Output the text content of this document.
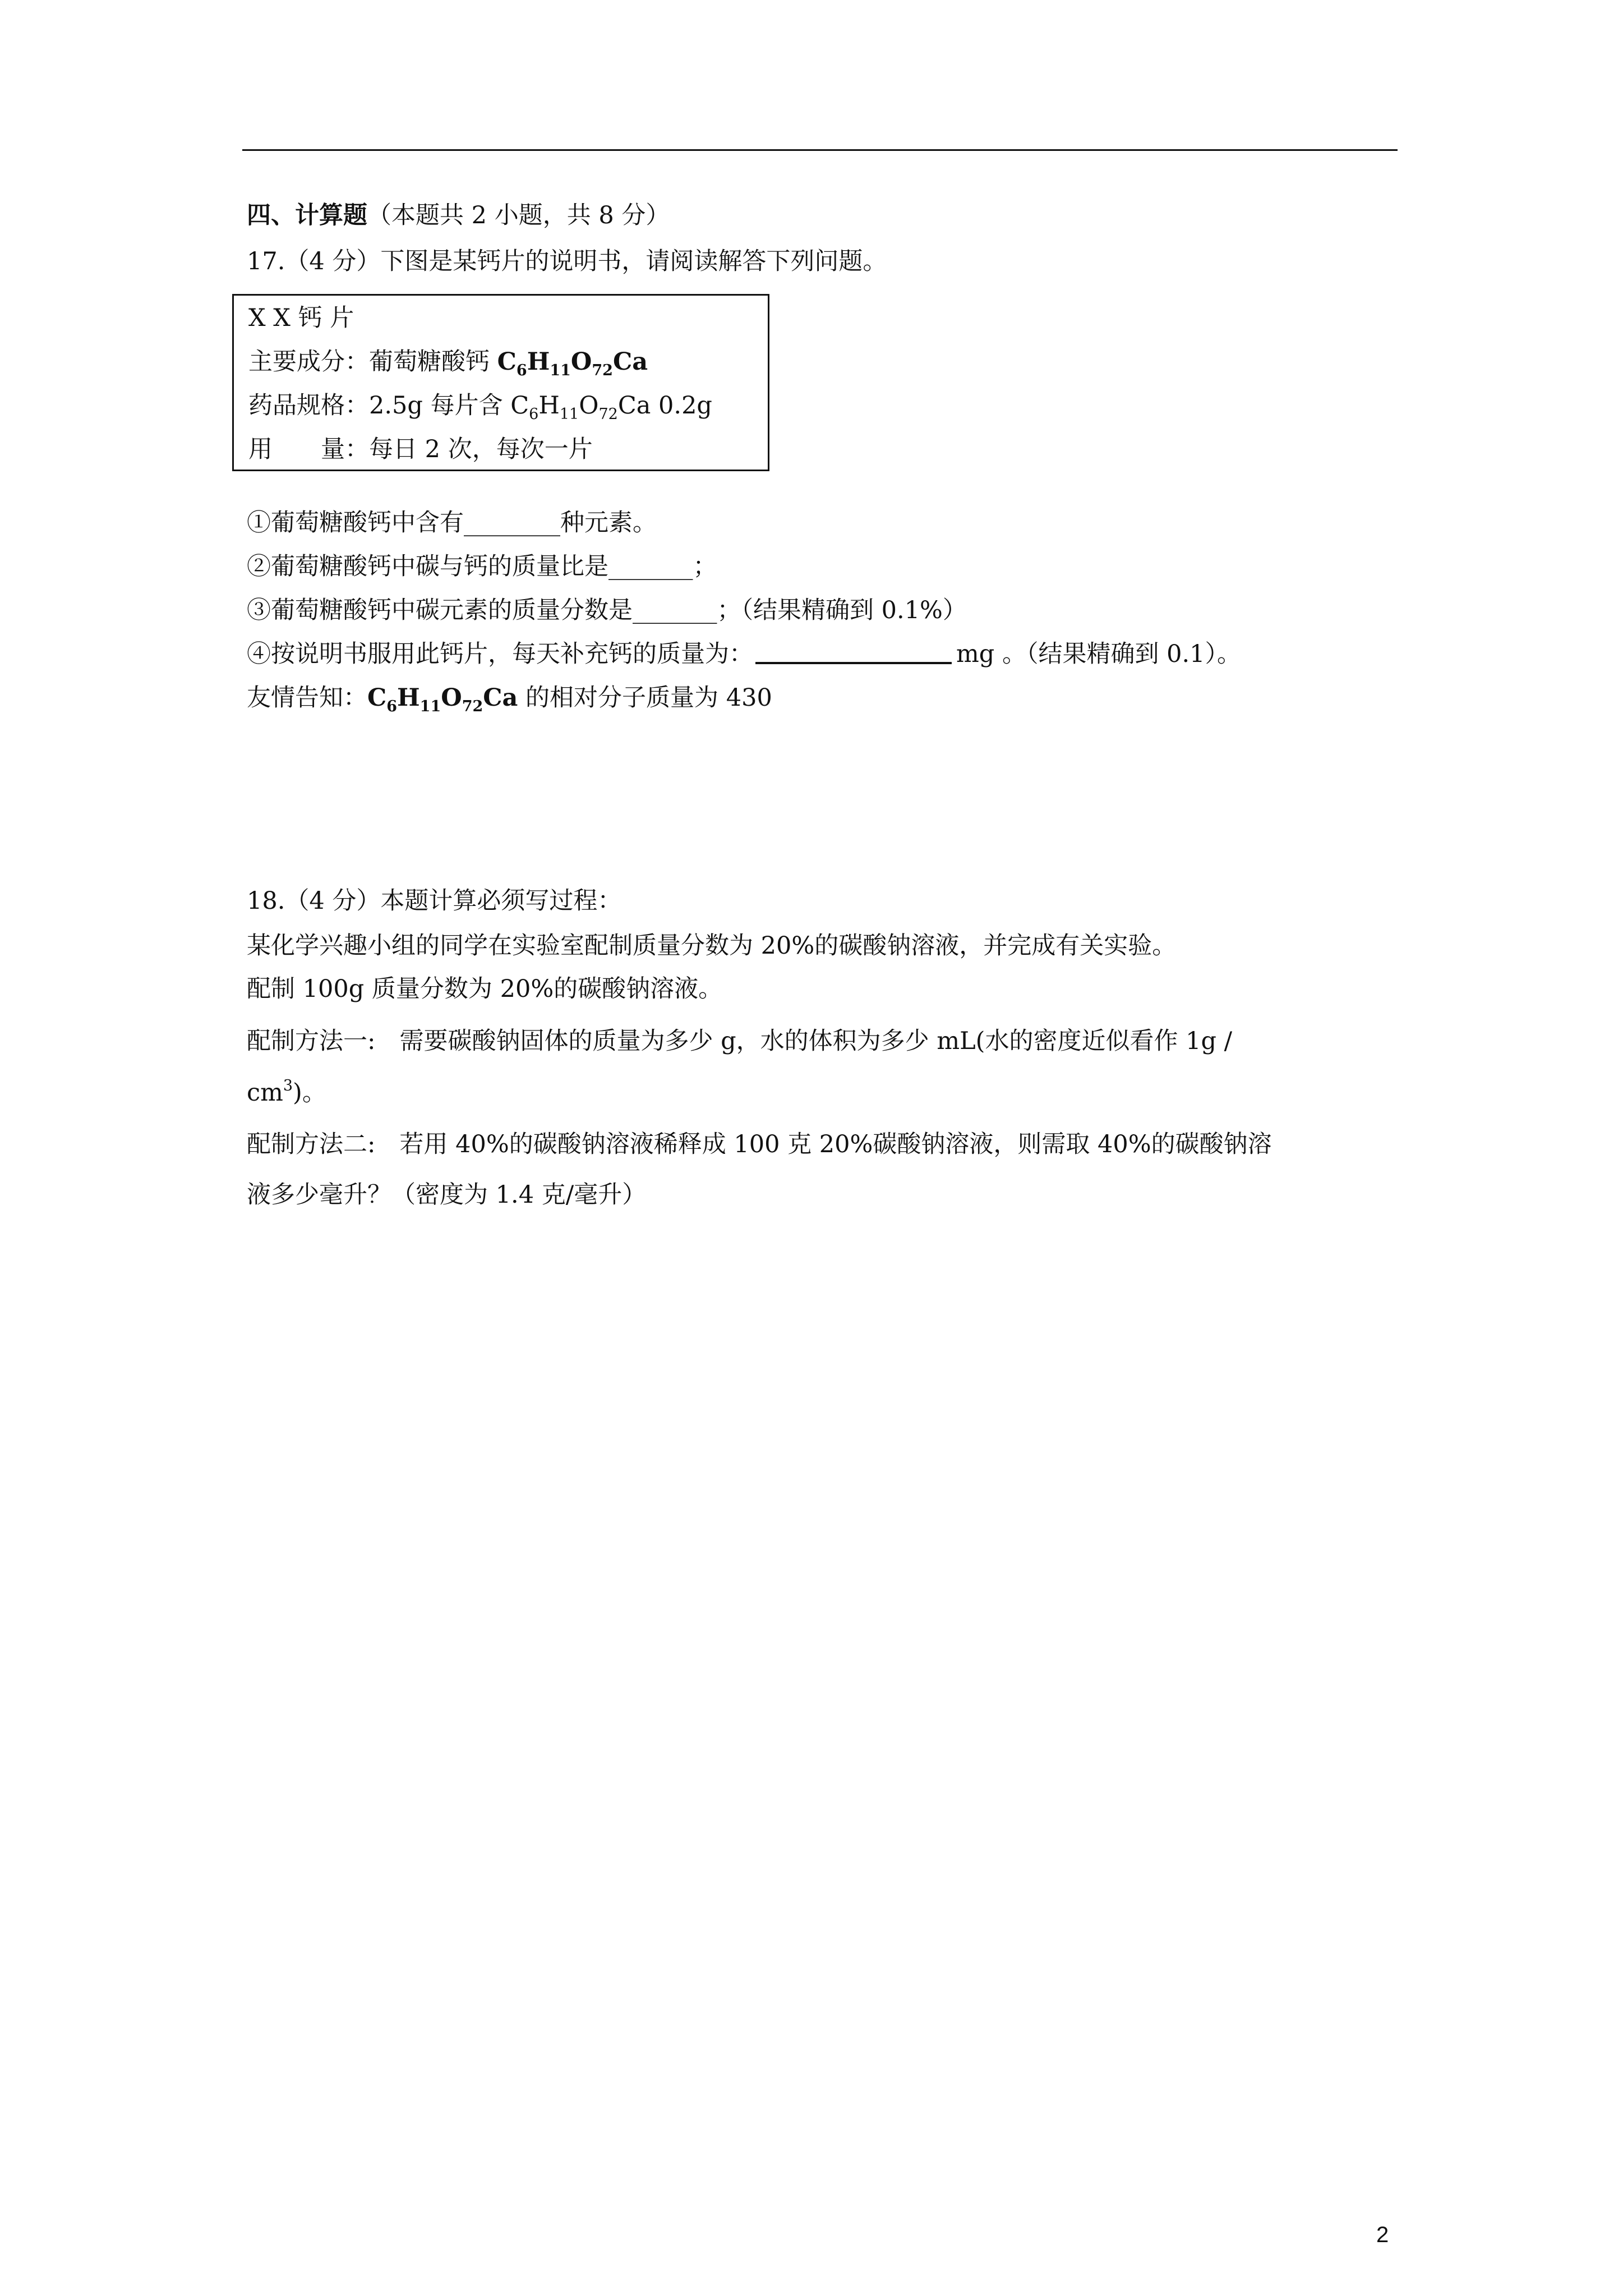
四、计算题（本题共 2 小题，共 8 分）
17.（4 分）下图是某钙片的说明书，请阅读解答下列问题。
X X 钙 片
主要成分：葡萄糖酸钙 $C_6H_{11}O_{72}Ca$
药品规格：2.5g 每片含 $C_6H_{11}O_{72}Ca$ 0.2g
用　　量：每日 2 次，每次一片
①葡萄糖酸钙中含有________种元素。
②葡萄糖酸钙中碳与钙的质量比是_______；
③葡萄糖酸钙中碳元素的质量分数是_______；（结果精确到 0.1%）
④按说明书服用此钙片，每天补充钙的质量为：	mg 。（结果精确到 0.1）。
友情告知：$C_6H_{11}O_{72}Ca$ 的相对分子质量为 430
18.（4 分）本题计算必须写过程：
某化学兴趣小组的同学在实验室配制质量分数为 20%的碳酸钠溶液，并完成有关实验。
配制 100g 质量分数为 20%的碳酸钠溶液。
配制方法一:　需要碳酸钠固体的质量为多少 g，水的体积为多少 mL(水的密度近似看作 1g /
$cm^3$)。
配制方法二:　若用 40%的碳酸钠溶液稀释成 100 克 20%碳酸钠溶液，则需取 40%的碳酸钠溶
液多少毫升？（密度为 1.4 克/毫升）
2
